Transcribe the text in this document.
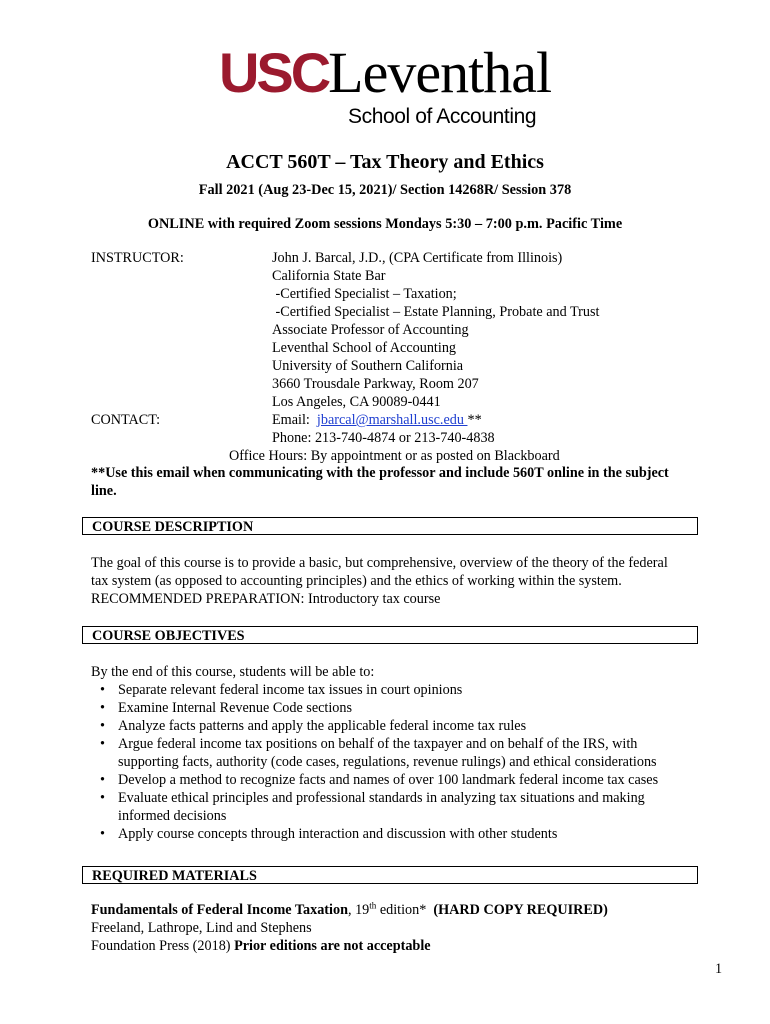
USCLeventhal
School of Accounting
ACCT 560T – Tax Theory and Ethics
Fall 2021 (Aug 23-Dec 15, 2021)/ Section 14268R/ Session 378
ONLINE with required Zoom sessions Mondays 5:30 – 7:00 p.m. Pacific Time
INSTRUCTOR:	John J. Barcal, J.D., (CPA Certificate from Illinois)
California State Bar
-Certified Specialist – Taxation;
-Certified Specialist – Estate Planning, Probate and Trust
Associate Professor of Accounting
Leventhal School of Accounting
University of Southern California
3660 Trousdale Parkway, Room 207
Los Angeles, CA 90089-0441
CONTACT:	Email: jbarcal@marshall.usc.edu **
Phone: 213-740-4874 or 213-740-4838
Office Hours: By appointment or as posted on Blackboard
**Use this email when communicating with the professor and include 560T online in the subject
line.
COURSE DESCRIPTION
The goal of this course is to provide a basic, but comprehensive, overview of the theory of the federal
tax system (as opposed to accounting principles) and the ethics of working within the system.
RECOMMENDED PREPARATION: Introductory tax course
COURSE OBJECTIVES
By the end of this course, students will be able to:
• Separate relevant federal income tax issues in court opinions
• Examine Internal Revenue Code sections
• Analyze facts patterns and apply the applicable federal income tax rules
• Argue federal income tax positions on behalf of the taxpayer and on behalf of the IRS, with supporting facts, authority (code cases, regulations, revenue rulings) and ethical considerations
• Develop a method to recognize facts and names of over 100 landmark federal income tax cases
• Evaluate ethical principles and professional standards in analyzing tax situations and making informed decisions
• Apply course concepts through interaction and discussion with other students
REQUIRED MATERIALS
Fundamentals of Federal Income Taxation, 19th edition*  (HARD COPY REQUIRED)
Freeland, Lathrope, Lind and Stephens
Foundation Press (2018) Prior editions are not acceptable
1
